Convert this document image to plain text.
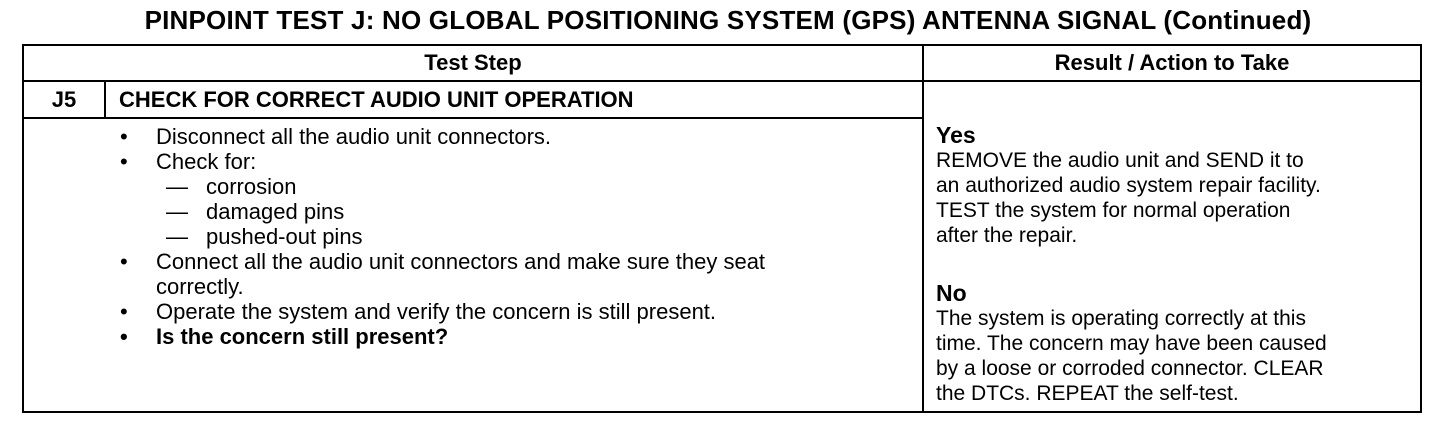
PINPOINT TEST J: NO GLOBAL POSITIONING SYSTEM (GPS) ANTENNA SIGNAL (Continued)
Test Step	Result / Action to Take
J5	CHECK FOR CORRECT AUDIO UNIT OPERATION
• Disconnect all the audio unit connectors.
• Check for:
— corrosion
— damaged pins
— pushed-out pins
• Connect all the audio unit connectors and make sure they seat
correctly.
• Operate the system and verify the concern is still present.
• Is the concern still present?
Yes
REMOVE the audio unit and SEND it to
an authorized audio system repair facility.
TEST the system for normal operation
after the repair.
No
The system is operating correctly at this
time. The concern may have been caused
by a loose or corroded connector. CLEAR
the DTCs. REPEAT the self-test.
